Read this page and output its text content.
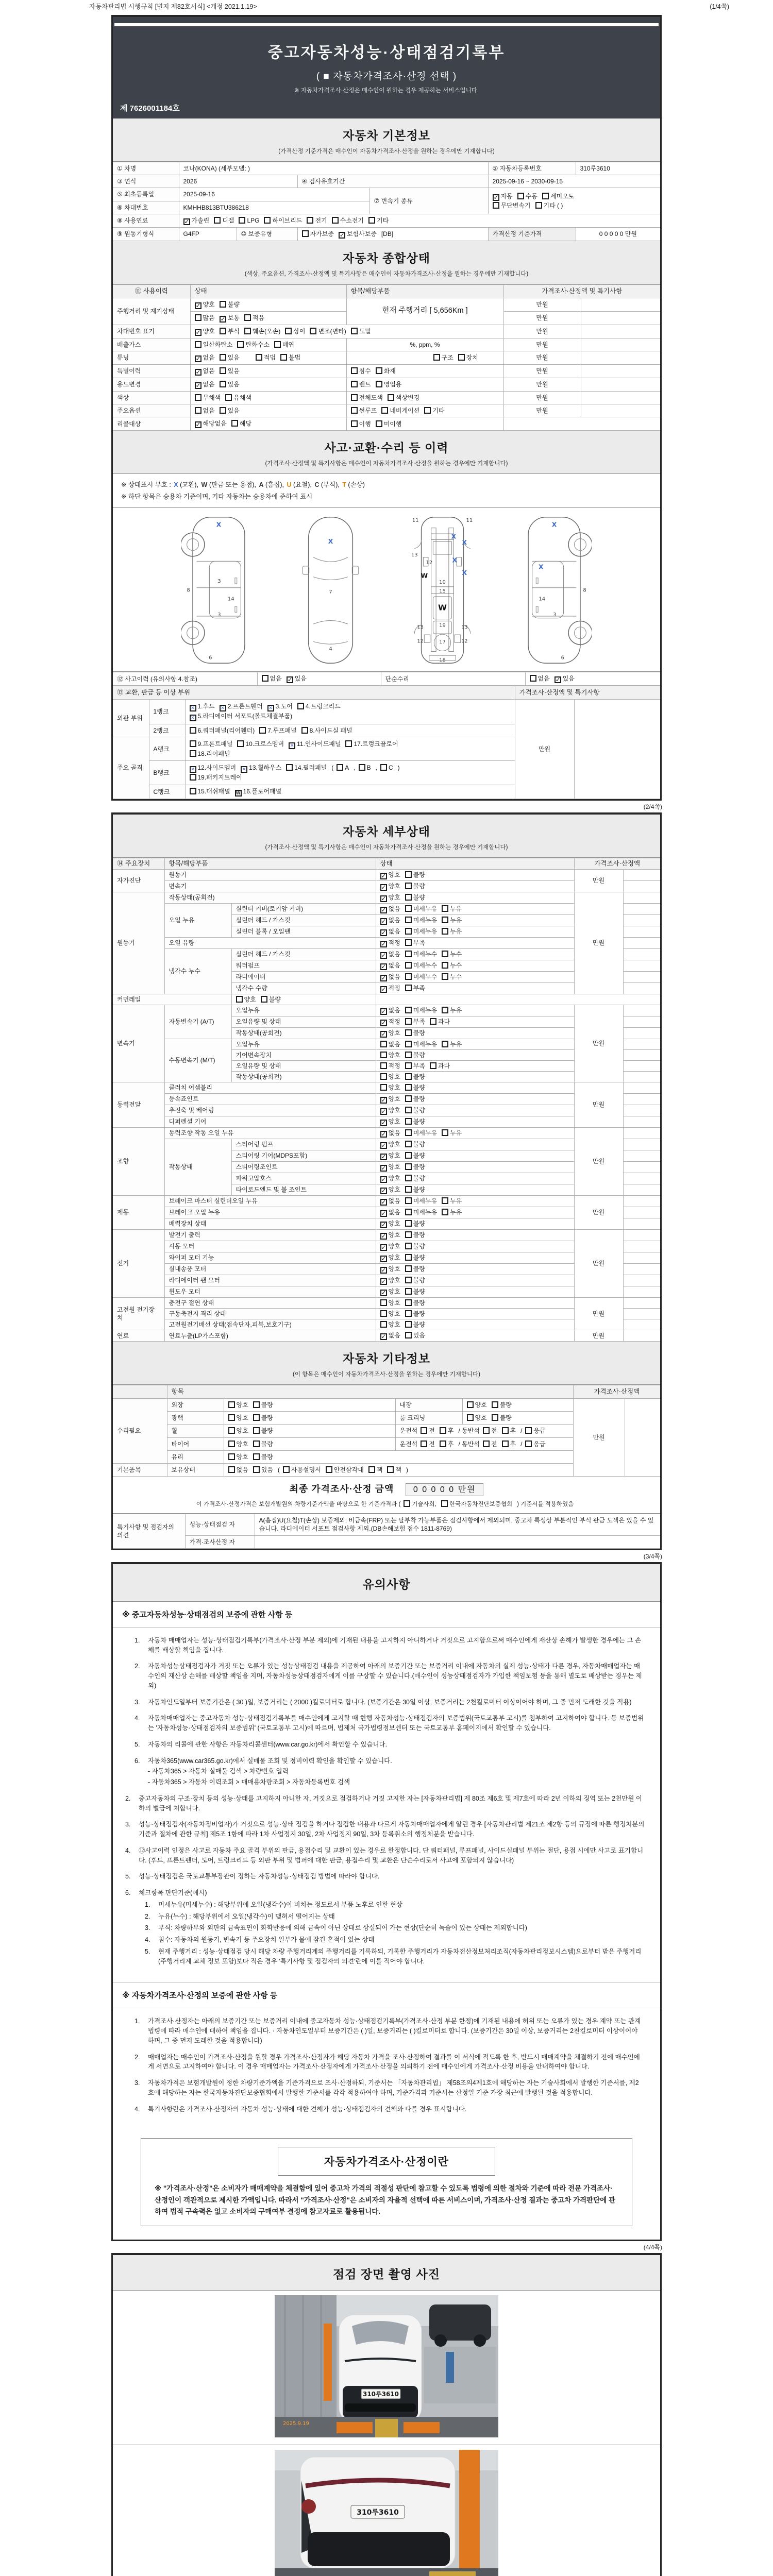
자동차관리법 시행규칙 [별지 제82호서식] <개정 2021.1.19>	(1/4쪽)
중고자동차성능·상태점검기록부
( ■ 자동차가격조사·산정 선택 )
※ 자동차가격조사·산정은 매수인이 원하는 경우 제공하는 서비스입니다.
제 7626001184호
자동차 기본정보
(가격산정 기준가격은 매수인이 자동차가격조사·산정을 원하는 경우에만 기재합니다)
① 차명	코나(KONA) (세부모델: )				② 자동차등록번호	310루3610
③ 연식	2026		④ 검사유효기간		2025-09-16 ~ 2030-09-15	
⑤ 최초등록일	2025-09-16			⑦ 변속기 종류	✓ 자동 수동 세미오토
무단변속기 기타 ( )	

⑥ 차대번호	KMHHB813BTU386218					
⑧ 사용연료	✓ 가솔린 디젤 LPG 하이브리드 전기 수소전기 기타					
⑨ 원동기형식	G4FP	⑩ 보증유형	자가보증 ✓ 보험사보증 [DB]		가격산정 기준가격	0 0 0 0 0 만원
자동차 종합상태
(색상, 주요옵션, 가격조사·산정액 및 특기사항은 매수인이 자동차가격조사·산정을 원하는 경우에만 기재합니다)
⑪ 사용이력	상태	항목/해당부품	가격조사·산정액 및 특기사항	
주행거리 및 계기상태	✓ 양호 불량	현재 주행거리 [ 5,656Km ]	만원	
	많음 ✓ 보통 적음		만원	
차대번호 표기	✓ 양호 부식 훼손(오손) 상이 변조(변타) 도말		만원	
배출가스	일산화탄소 탄화수소 매연	%, ppm, %	만원	
튜닝	✓ 없음 있음 적법 불법	구조 장치	만원	
특별이력	✓ 없음 있음	침수 화재	만원	
용도변경	✓ 없음 있음	렌트 영업용	만원	
색상	무채색 유채색	전체도색 색상변경	만원	
주요옵션	없음 있음	썬루프 네비게이션 기타	만원	
리콜대상	✓ 해당없음 해당	이행 미이행		
사고·교환·수리 등 이력
(가격조사·산정액 및 특기사항은 매수인이 자동차가격조사·산정을 원하는 경우에만 기재합니다)
※ 상태표시 부호 : X (교환), W (판금 또는 용접), A (흠집), U (요철), C (부식), T (손상)
※ 하단 항목은 승용차 기준이며, 기타 자동차는 승용차에 준하여 표시
X
8
3
14
3
6
X
7
4
11	11
13
12
X
X
X
X
W
10
15
W
13	19	13
12	17	12
18
X
X
8
14
3
6
⑫ 사고이력 (유의사항 4.참조)	없음 ✓ 있음	단순수리	없음 ✓ 있음
⑬ 교환, 판금 등 이상 부위			가격조사·산정액 및 특기사항	
외판 부위	1랭크	✕ 1.후드 ✕ 2.프론트휀더 ✕ 3.도어 4.트렁크리드
✕ 5.라디에이터 서포트(볼트체결부품)	만원	
	2랭크	6.쿼터패널(리어휀더) 7.루프패널 8.사이드실 패널		
주요 골격	A랭크	9.프론트패널 10.크로스멤버 ✕ 11.인사이드패널 17.트렁크플로어
18.리어패널		

	B랭크	✕ 12.사이드멤버 ✕ 13.휠하우스 14.필러패널 ( A , B , C )
19.패키지트레이		

	C랭크	15.대쉬패널 W 16.플로어패널		
(2/4쪽)
자동차 세부상태
(가격조사·산정액 및 특기사항은 매수인이 자동차가격조사·산정을 원하는 경우에만 기재합니다)
⑭ 주요장치	항목/해당부품		상태	가격조사·산정액	
자가진단	원동기		✓ 양호 불량	만원	
	변속기		✓ 양호 불량		
원동기	작동상태(공회전)		✓ 양호 불량	만원	
	오일 누유	실린더 커버(로커암 커버)	✓ 없음 미세누유 누유		
		실린더 헤드 / 가스킷	✓ 없음 미세누유 누유		
		실린더 블록 / 오일팬	✓ 없음 미세누유 누유		
	오일 유량		✓ 적정 부족		
	냉각수 누수	실린더 헤드 / 가스킷	✓ 없음 미세누수 누수		
		워터펌프	✓ 없음 미세누수 누수		
		라디에이터	✓ 없음 미세누수 누수		
		냉각수 수량	✓ 적정 부족		
커먼레일		양호 불량			
변속기	자동변속기 (A/T)	오일누유	✓ 없음 미세누유 누유	만원	
		오일유량 및 상태	✓ 적정 부족 과다		
		작동상태(공회전)	✓ 양호 불량		
	수동변속기 (M/T)	오일누유	없음 미세누유 누유		
		기어변속장치	양호 불량		
		오일유량 및 상태	적정 부족 과다		
		작동상태(공회전)	양호 불량		
동력전달	클러치 어셈블리		양호 불량	만원	
	등속죠인트		✓ 양호 불량		
	추진축 및 베어링		✓ 양호 불량		
	디퍼렌셜 기어		✓ 양호 불량		
조향	동력조향 작동 오일 누유		✓ 없음 미세누유 누유	만원	
	작동상태	스티어링 펌프	✓ 양호 불량		
		스티어링 기어(MDPS포함)	✓ 양호 불량		
		스티어링조인트	✓ 양호 불량		
		파워고압호스	✓ 양호 불량		
		타이로드엔드 및 볼 조인트	✓ 양호 불량		
제동	브레이크 마스터 실린더오일 누유		✓ 없음 미세누유 누유	만원	
	브레이크 오일 누유		✓ 없음 미세누유 누유		
	배력장치 상태		✓ 양호 불량		
전기	발전기 출력		✓ 양호 불량	만원	
	시동 모터		✓ 양호 불량		
	와이퍼 모터 기능		✓ 양호 불량		
	실내송풍 모터		✓ 양호 불량		
	라디에이터 팬 모터		✓ 양호 불량		
	윈도우 모터		✓ 양호 불량		
고전원 전기장치	충전구 절연 상태		양호 불량	만원	
	구동축전지 격리 상태		양호 불량		
	고전원전기배선 상태(접속단자,피복,보호기구)		양호 불량		
연료	연료누출(LP가스포함)		✓ 없음 있음	만원	
자동차 기타정보
(이 항목은 매수인이 자동차가격조사·산정을 원하는 경우에만 기재합니다)
	항목				가격조사·산정액	
수리필요	외장	양호 불량	내장	양호 불량	만원	
	광택	양호 불량	룸 크리닝	양호 불량		
	휠	양호 불량	운전석 전 후 / 동반석 전 후 / 응급			
	타이어	양호 불량	운전석 전 후 / 동반석 전 후 / 응급			
	유리	양호 불량				
기본품목	보유상태	없음 있음 ( 사용설명서 안전삼각대 잭 잭 )				
최종 가격조사·산정 금액 0 0 0 0 0 만원
이 가격조사·산정가격은 보험개발원의 차량기준가액을 바탕으로 한 기준가격과 ( 기술사회, 한국자동차진단보증협회 ) 기준서를 적용하였음
특기사항 및 점검자의 의견	성능·상태점검 자	A(흠집)U(요철)T(손상) 보증제외, 비금속(FRP) 또는 탈부착 가능부품은 점검사항에서 제외되며, 중고차 특성상 부분적인 부식 판금 도색은 있을 수 있습니다. 라디에이터 서포트 점검사항 제외.(DB손해보험 접수 1811-8769)
	가격·조사산정 자	
(3/4쪽)
유의사항
※ 중고자동차성능·상태점검의 보증에 관한 사항 등
1.	자동차 매매업자는 성능·상태점검기록부(가격조사·산정 부분 제외)에 기재된 내용을 고지하지 아니하거나 거짓으로 고지함으로써 매수인에게 재산상 손해가 발생한 경우에는 그 손해를 배상할 책임을 집니다.
2.	자동차성능상태점검자가 거짓 또는 오류가 있는 성능상태점검 내용을 제공하여 아래의 보증기간 또는 보증거리 이내에 자동차의 실제 성능·상태가 다른 경우, 자동차매매업자는 매수인의 재산상 손해를 배상할 책임을 지며, 자동차성능상태점검자에게 이를 구상할 수 있습니다.(매수인이 성능상태점검자가 가입한 책임보험 등을 통해 별도로 배상받는 경우는 제외)
3.	자동차인도일부터 보증기간은 ( 30 )일, 보증거리는 ( 2000 )킬로미터로 합니다. (보증기간은 30일 이상, 보증거리는 2천킬로미터 이상이어야 하며, 그 중 먼저 도래한 것을 적용)
4.	자동차매매업자는 중고자동차 성능·상태점검기록부를 매수인에게 고지할 때 현행 자동차성능·상태점검자의 보증범위(국토교통부 고시)를 첨부하여 고지하여야 합니다. 동 보증범위는 '자동차성능·상태점검자의 보증범위' (국토교통부 고시)에 따르며, 법제처 국가법령정보센터 또는 국토교통부 홈페이지에서 확인할 수 있습니다.
5.	자동차의 리콜에 관한 사항은 자동차리콜센터(www.car.go.kr)에서 확인할 수 있습니다.
6.	자동차365(www.car365.go.kr)에서 실매물 조회 및 정비이력 확인을 확인할 수 있습니다.
- 자동차365 > 자동차 실매물 검색 > 차량번호 입력
- 자동차365 > 자동차 이력조회 > 매매용차량조회 > 자동차등록번호 검색
2.	중고자동차의 구조·장치 등의 성능·상태를 고지하지 아니한 자, 거짓으로 점검하거나 거짓 고지한 자는 [자동차관리법] 제 80조 제6호 및 제7호에 따라 2년 이하의 징역 또는 2천만원 이하의 벌금에 처합니다.
3.	성능·상태점검자(자동차정비업자)가 거짓으로 성능·상태 점검을 하거나 점검한 내용과 다르게 자동차매매업자에게 알린 경우 [자동차관리법 제21조 제2항 등의 규정에 따른 행정처분의 기준과 절차에 관한 규칙] 제5조 1항에 따라 1차 사업정지 30일, 2차 사업정지 90일, 3차 등록취소의 행정처분을 받습니다.
4.	⑫사고이력 인정은 사고로 자동차 주요 골격 부위의 판금, 용접수리 및 교환이 있는 경우로 한정합니다. 단 쿼터패널, 루프패널, 사이드실패널 부위는 절단, 용접 시에만 사고로 표기합니다. (후드, 프론트펜더, 도어, 트렁크리드 등 외판 부위 및 범퍼에 대한 판금, 용접수리 및 교환은 단순수리로서 사고에 포함되지 않습니다)
5.	성능·상태점검은 국토교통부장관이 정하는 자동차성능·상태점검 방법에 따라야 합니다.
6.	체크항목 판단기준(예시)
1.	미세누유(미세누수) : 해당부위에 오일(냉각수)이 비치는 정도로서 부품 노후로 인한 현상
2.	누유(누수) : 해당부위에서 오일(냉각수)이 맺혀서 떨어지는 상태
3.	부식: 차량하부와 외판의 금속표면이 화학반응에 의해 금속이 아닌 상태로 상실되어 가는 현상(단순히 녹슬어 있는 상태는 제외합니다)
4.	침수: 자동차의 원동기, 변속기 등 주요장치 일부가 물에 잠긴 흔적이 있는 상태
5.	현재 주행거리 : 성능·상태점검 당시 해당 차량 주행거리계의 주행거리를 기록하되, 기록한 주행거리가 자동차전산정보처리조직(자동차관리정보시스템)으로부터 받은 주행거리(주행거리계 교체 정보 포함)보다 적은 경우 '특기사항 및 점검자의 의견'란에 이를 적어야 합니다.
※ 자동차가격조사·산정의 보증에 관한 사항 등
1.	가격조사·산정자는 아래의 보증기간 또는 보증거리 이내에 중고자동차 성능·상태점검기록부(가격조사·산정 부분 한정)에 기재된 내용에 허위 또는 오류가 있는 경우 계약 또는 관계법령에 따라 매수인에 대하여 책임을 집니다. · 자동차인도일부터 보증기간은 ( )일, 보증거리는 ( )킬로미터로 합니다. (보증기간은 30일 이상, 보증거리는 2천킬로미터 이상이어야 하며, 그 중 먼저 도래한 것을 적용합니다)
2.	매매업자는 매수인이 가격조사·산정을 원할 경우 가격조사·산정자가 해당 자동차 가격을 조사·산정하여 결과를 이 서식에 적도록 한 후, 반드시 매매계약을 체결하기 전에 매수인에게 서면으로 고지하여야 합니다. 이 경우 매매업자는 가격조사·산정자에게 가격조사·산정을 의뢰하기 전에 매수인에게 가격조사·산정 비용을 안내하여야 합니다.
3.	자동차가격은 보험개발원이 정한 차량기준가액을 기준가격으로 조사·산정하되, 기준서는 「자동차관리법」 제58조의4제1호에 해당하는 자는 기술사회에서 발행한 기준서를, 제2호에 해당하는 자는 한국자동차진단보증협회에서 발행한 기준서를 각각 적용하여야 하며, 기준가격과 기준서는 산정일 기준 가장 최근에 발행된 것을 적용합니다.
4.	특기사항란은 가격조사·산정자의 자동차 성능·상태에 대한 견해가 성능·상태점검자의 견해와 다를 경우 표시합니다.
자동차가격조사·산정이란

※ "가격조사·산정"은 소비자가 매매계약을 체결함에 있어 중고차 가격의 적절성 판단에 참고할 수 있도록 법령에 의한 절차와 기준에 따라 전문 가격조사·산정인이 객관적으로 제시한 가액입니다. 따라서 "가격조사·산정"은 소비자의 자율적 선택에 따른 서비스이며, 가격조사·산정 결과는 중고차 가격판단에 관하여 법적 구속력은 없고 소비자의 구매여부 결정에 참고자료로 활용됩니다.

(4/4쪽)
점검 장면 촬영 사진
310루3610
2025.9.19
310루3610
